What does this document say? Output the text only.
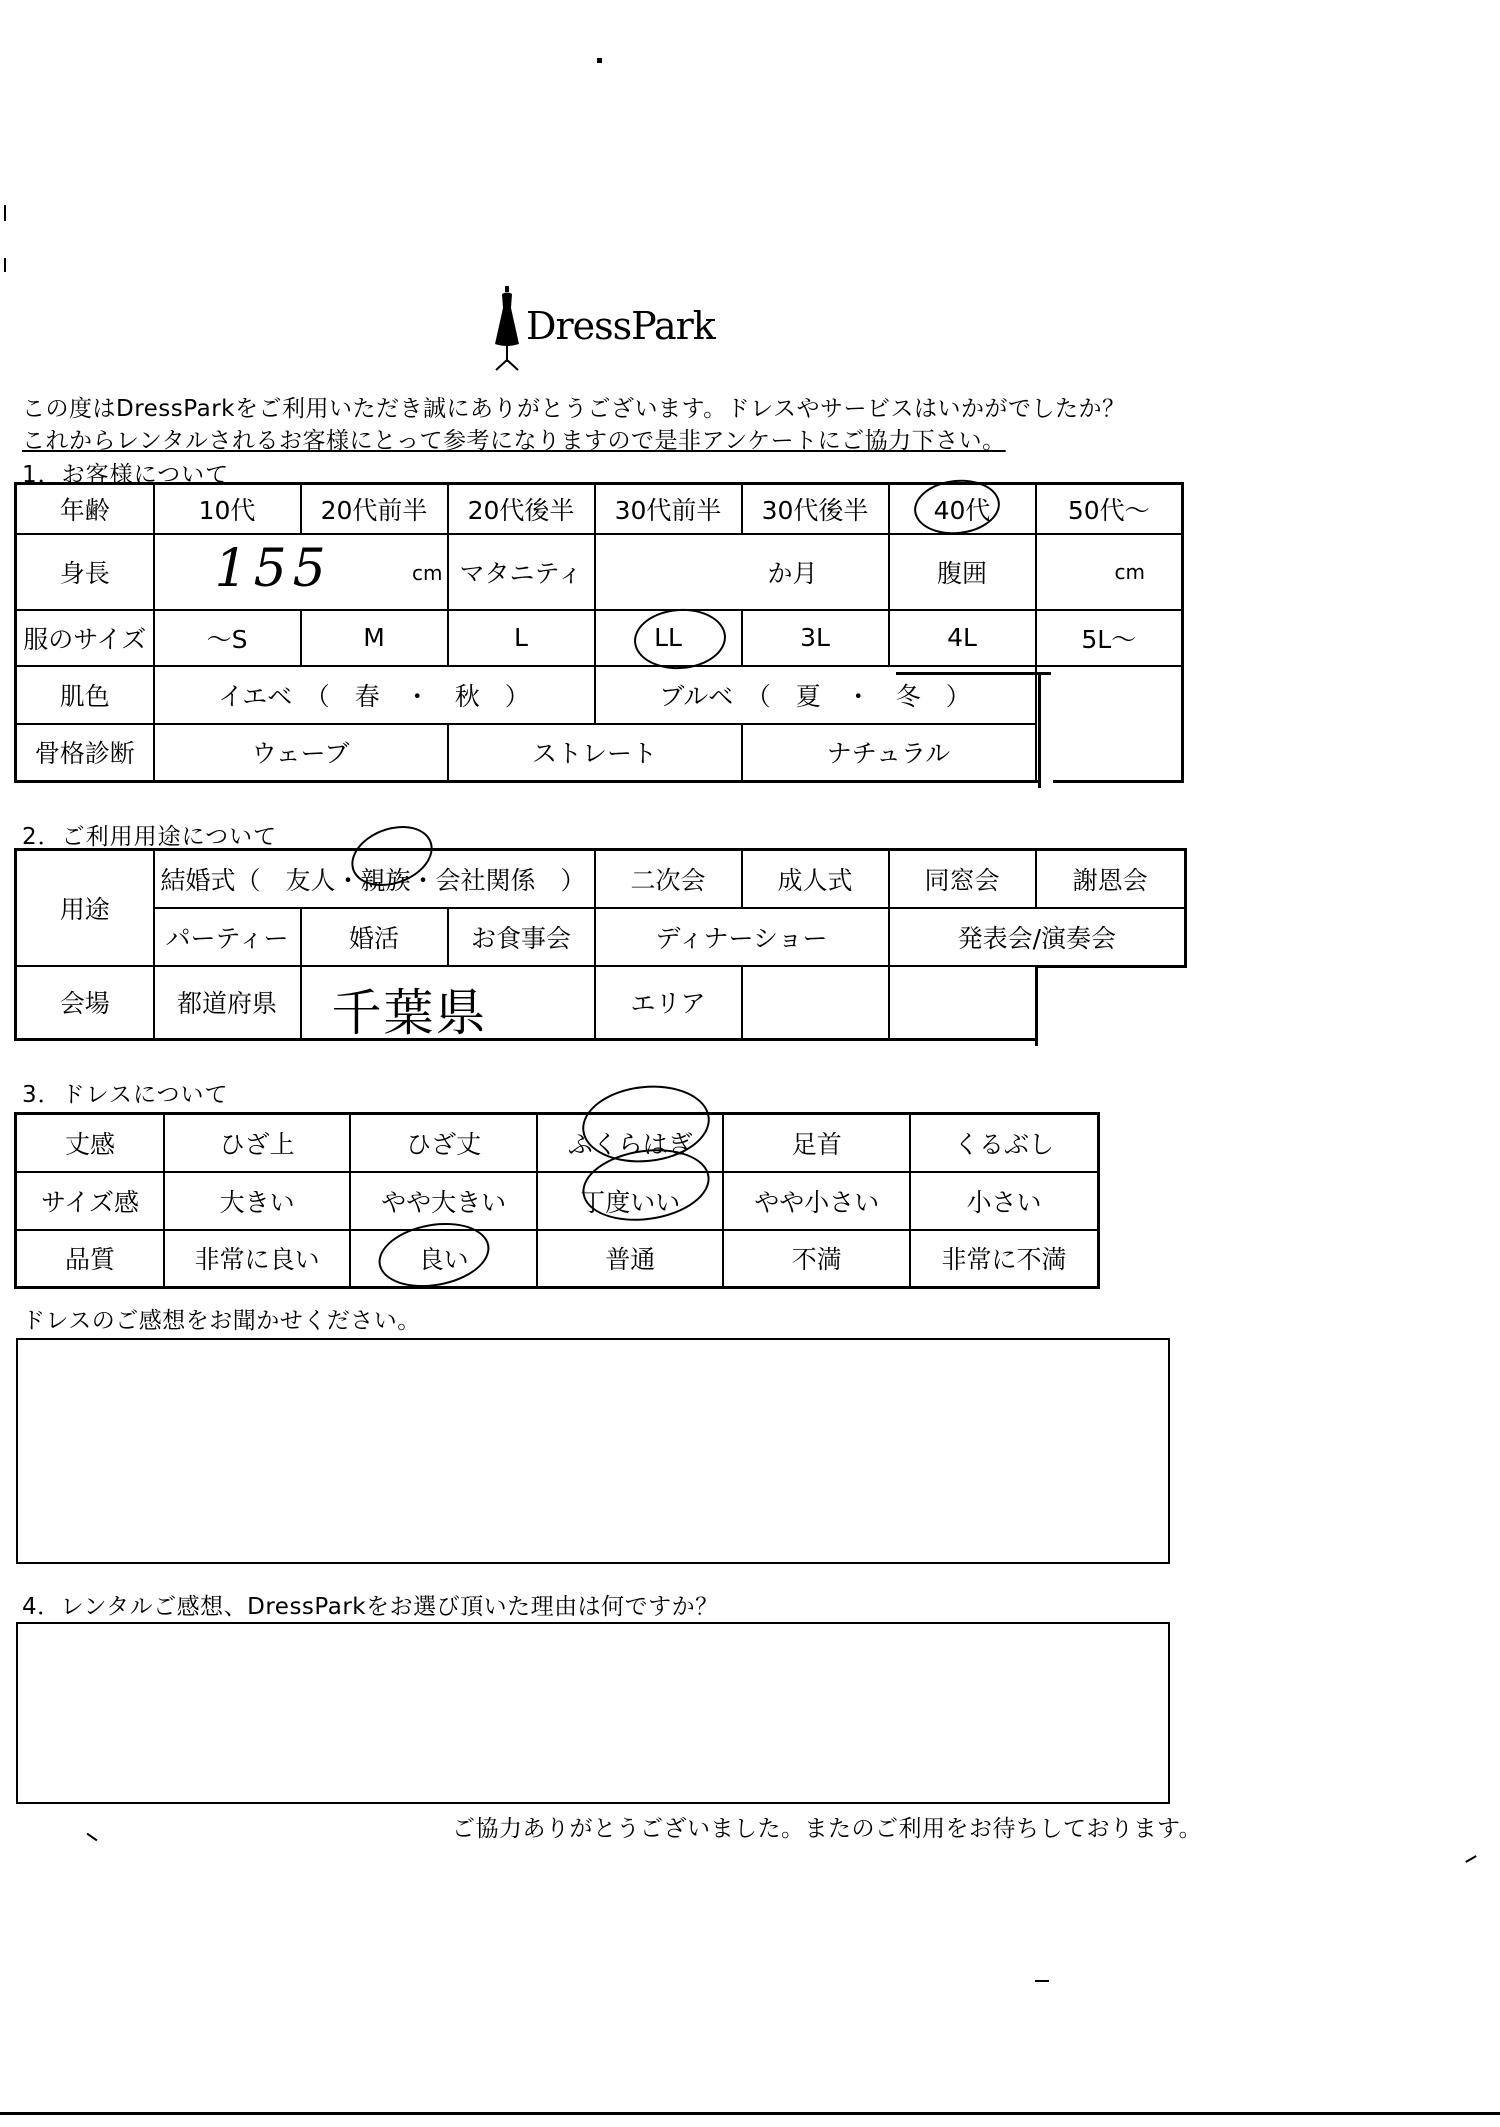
DressPark
この度はDressParkをご利用いただき誠にありがとうございます。ドレスやサービスはいかがでしたか？
これからレンタルされるお客様にとって参考になりますので是非アンケートにご協力下さい。
1．お客様について
年齢	10代	20代前半	20代後半	30代前半	30代後半	40代	50代～
身長	155 cm		マタニティ	か月		腹囲	cm
服のサイズ	～S	M	L	LL	3L	4L	5L～
肌色	イエベ　（　春　・　秋　）			ブルベ　（　夏　・　冬　）			
骨格診断	ウェーブ		ストレート		ナチュラル		
2．ご利用用途について
用途	結婚式（　友人・親族・会社関係　）			二次会	成人式	同窓会	謝恩会
	パーティー	婚活	お食事会	ディナーショー		発表会/演奏会	
会場	都道府県	千葉県		エリア			
3．ドレスについて
丈感	ひざ上	ひざ丈	ふくらはぎ	足首	くるぶし
サイズ感	大きい	やや大きい	丁度いい	やや小さい	小さい
品質	非常に良い	良い	普通	不満	非常に不満
ドレスのご感想をお聞かせください。
4．レンタルご感想、DressParkをお選び頂いた理由は何ですか？
ご協力ありがとうございました。またのご利用をお待ちしております。
